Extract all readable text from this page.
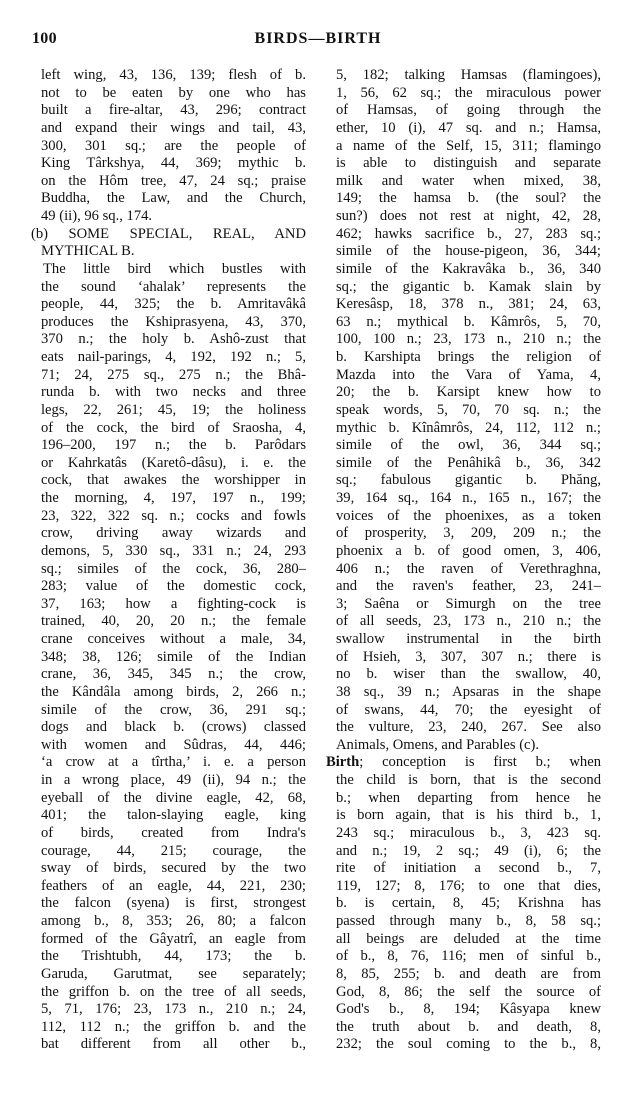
100	BIRDS—BIRTH
left wing, 43, 136, 139; flesh of b.
not to be eaten by one who has
built a fire-altar, 43, 296; contract
and expand their wings and tail, 43,
300, 301 sq.; are the people of
King Târkshya, 44, 369; mythic b.
on the Hôm tree, 47, 24 sq.; praise
Buddha, the Law, and the Church,
49 (ii), 96 sq., 174.
(b) SOME SPECIAL, REAL, AND
MYTHICAL B.
The little bird which bustles with
the sound ‘ahalak’ represents the
people, 44, 325; the b. Amritavâkâ
produces the Kshiprasyena, 43, 370,
370 n.; the holy b. Ashô-zust that
eats nail-parings, 4, 192, 192 n.; 5,
71; 24, 275 sq., 275 n.; the Bhâ-
runda b. with two necks and three
legs, 22, 261; 45, 19; the holiness
of the cock, the bird of Sraosha, 4,
196–200, 197 n.; the b. Parôdars
or Kahrkatâs (Karetô-dâsu), i. e. the
cock, that awakes the worshipper in
the morning, 4, 197, 197 n., 199;
23, 322, 322 sq. n.; cocks and fowls
crow, driving away wizards and
demons, 5, 330 sq., 331 n.; 24, 293
sq.; similes of the cock, 36, 280–
283; value of the domestic cock,
37, 163; how a fighting-cock is
trained, 40, 20, 20 n.; the female
crane conceives without a male, 34,
348; 38, 126; simile of the Indian
crane, 36, 345, 345 n.; the crow,
the Kândâla among birds, 2, 266 n.;
simile of the crow, 36, 291 sq.;
dogs and black b. (crows) classed
with women and Sûdras, 44, 446;
‘a crow at a tîrtha,’ i. e. a person
in a wrong place, 49 (ii), 94 n.; the
eyeball of the divine eagle, 42, 68,
401; the talon-slaying eagle, king
of birds, created from Indra's
courage, 44, 215; courage, the
sway of birds, secured by the two
feathers of an eagle, 44, 221, 230;
the falcon (syena) is first, strongest
among b., 8, 353; 26, 80; a falcon
formed of the Gâyatrî, an eagle from
the Trishtubh, 44, 173; the b.
Garuda, Garutmat, see separately;
the griffon b. on the tree of all seeds,
5, 71, 176; 23, 173 n., 210 n.; 24,
112, 112 n.; the griffon b. and the
bat different from all other b.,
5, 182; talking Hamsas (flamingoes),
1, 56, 62 sq.; the miraculous power
of Hamsas, of going through the
ether, 10 (i), 47 sq. and n.; Hamsa,
a name of the Self, 15, 311; flamingo
is able to distinguish and separate
milk and water when mixed, 38,
149; the hamsa b. (the soul? the
sun?) does not rest at night, 42, 28,
462; hawks sacrifice b., 27, 283 sq.;
simile of the house-pigeon, 36, 344;
simile of the Kakravâka b., 36, 340
sq.; the gigantic b. Kamak slain by
Keresâsp, 18, 378 n., 381; 24, 63,
63 n.; mythical b. Kâmrôs, 5, 70,
100, 100 n.; 23, 173 n., 210 n.; the
b. Karshipta brings the religion of
Mazda into the Vara of Yama, 4,
20; the b. Karsipt knew how to
speak words, 5, 70, 70 sq. n.; the
mythic b. Kînâmrôs, 24, 112, 112 n.;
simile of the owl, 36, 344 sq.;
simile of the Penâhikâ b., 36, 342
sq.; fabulous gigantic b. Phăng,
39, 164 sq., 164 n., 165 n., 167; the
voices of the phoenixes, as a token
of prosperity, 3, 209, 209 n.; the
phoenix a b. of good omen, 3, 406,
406 n.; the raven of Verethraghna,
and the raven's feather, 23, 241–
3; Saêna or Simurgh on the tree
of all seeds, 23, 173 n., 210 n.; the
swallow instrumental in the birth
of Hsieh, 3, 307, 307 n.; there is
no b. wiser than the swallow, 40,
38 sq., 39 n.; Apsaras in the shape
of swans, 44, 70; the eyesight of
the vulture, 23, 240, 267. See also
Animals, Omens, and Parables (c).
Birth; conception is first b.; when
the child is born, that is the second
b.; when departing from hence he
is born again, that is his third b., 1,
243 sq.; miraculous b., 3, 423 sq.
and n.; 19, 2 sq.; 49 (i), 6; the
rite of initiation a second b., 7,
119, 127; 8, 176; to one that dies,
b. is certain, 8, 45; Krishna has
passed through many b., 8, 58 sq.;
all beings are deluded at the time
of b., 8, 76, 116; men of sinful b.,
8, 85, 255; b. and death are from
God, 8, 86; the self the source of
God's b., 8, 194; Kâsyapa knew
the truth about b. and death, 8,
232; the soul coming to the b., 8,
